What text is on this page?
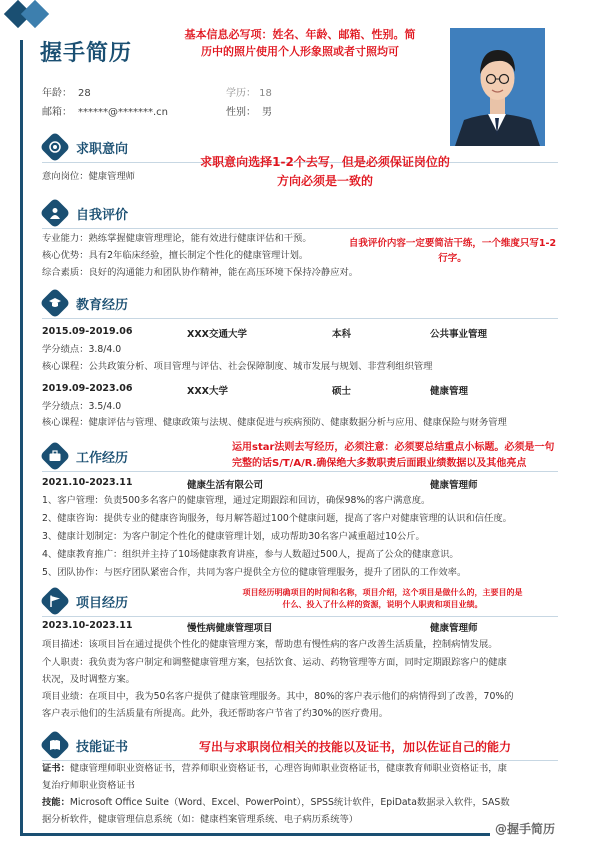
握手简历
年龄： 28	学历： 18
邮箱： ******@*******.cn	性别： 男
基本信息必写项：姓名、年龄、邮箱、性别。简历中的照片使用个人形象照或者寸照均可
求职意向
意向岗位：健康管理师
求职意向选择1-2个去写，但是必须保证岗位的方向必须是一致的
自我评价
专业能力：熟练掌握健康管理理论，能有效进行健康评估和干预。
核心优势：具有2年临床经验，擅长制定个性化的健康管理计划。
综合素质：良好的沟通能力和团队协作精神，能在高压环境下保持冷静应对。
自我评价内容一定要简洁干练，一个维度只写1-2行字。
教育经历
2015.09-2019.06	XXX交通大学	本科	公共事业管理
学分绩点：3.8/4.0
核心课程：公共政策分析、项目管理与评估、社会保障制度、城市发展与规划、非营利组织管理
2019.09-2023.06	XXX大学	硕士	健康管理
学分绩点：3.5/4.0
核心课程：健康评估与管理、健康政策与法规、健康促进与疾病预防、健康数据分析与应用、健康保险与财务管理
工作经历
运用star法则去写经历，必须注意：必须要总结重点小标题。必须是一句完整的话S/T/A/R.确保绝大多数职责后面跟业绩数据以及其他亮点
2021.10-2023.11	健康生活有限公司	健康管理师
1、客户管理：负责500多名客户的健康管理，通过定期跟踪和回访，确保98%的客户满意度。
2、健康咨询：提供专业的健康咨询服务，每月解答超过100个健康问题，提高了客户对健康管理的认识和信任度。
3、健康计划制定：为客户制定个性化的健康管理计划，成功帮助30名客户减重超过10公斤。
4、健康教育推广：组织并主持了10场健康教育讲座，参与人数超过500人，提高了公众的健康意识。
5、团队协作：与医疗团队紧密合作，共同为客户提供全方位的健康管理服务，提升了团队的工作效率。
项目经历
项目经历明确项目的时间和名称，项目介绍，这个项目是做什么的，主要目的是什么、投入了什么样的资源，说明个人职责和项目业绩。
2023.10-2023.11	慢性病健康管理项目	健康管理师
项目描述：该项目旨在通过提供个性化的健康管理方案，帮助患有慢性病的客户改善生活质量，控制病情发展。
个人职责：我负责为客户制定和调整健康管理方案，包括饮食、运动、药物管理等方面，同时定期跟踪客户的健康
状况，及时调整方案。
项目业绩：在项目中，我为50名客户提供了健康管理服务。其中，80%的客户表示他们的病情得到了改善，70%的
客户表示他们的生活质量有所提高。此外，我还帮助客户节省了约30%的医疗费用。
技能证书	写出与求职岗位相关的技能以及证书，加以佐证自己的能力
证书：健康管理师职业资格证书，营养师职业资格证书，心理咨询师职业资格证书，健康教育师职业资格证书，康
复治疗师职业资格证书
技能：Microsoft Office Suite（Word、Excel、PowerPoint），SPSS统计软件，EpiData数据录入软件，SAS数
据分析软件，健康管理信息系统（如：健康档案管理系统、电子病历系统等）
@握手简历
